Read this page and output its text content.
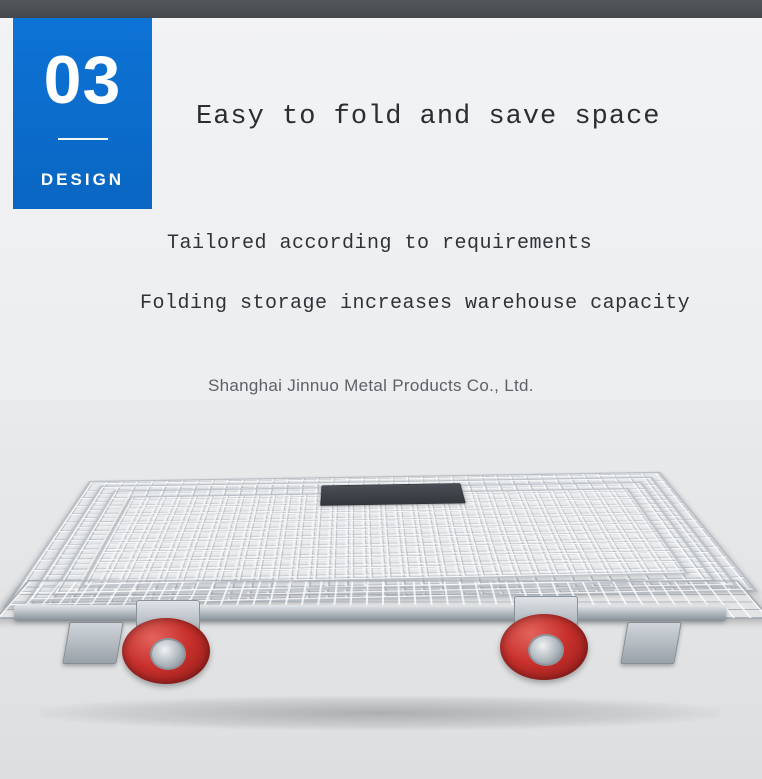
03
DESIGN
Easy to fold and save space
Tailored according to requirements
Folding storage increases warehouse capacity
Shanghai Jinnuo Metal Products Co., Ltd.
